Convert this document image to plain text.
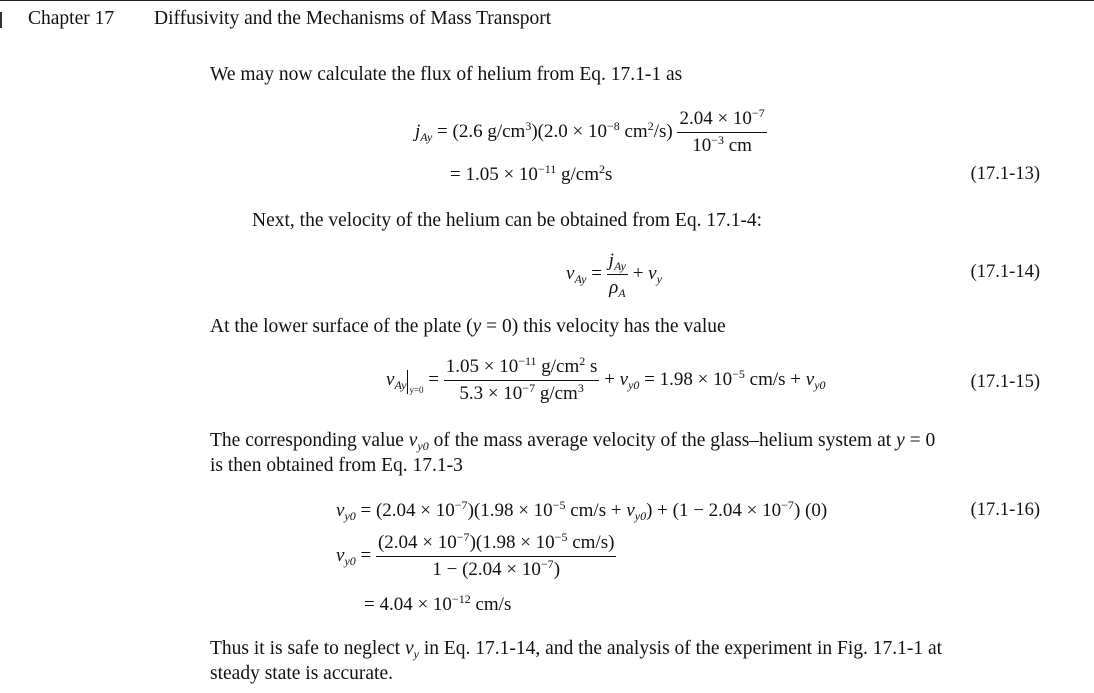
Chapter 17 Diffusivity and the Mechanisms of Mass Transport
We may now calculate the flux of helium from Eq. 17.1-1 as
$j_{Ay} = (2.6$ $g/cm^3)(2.0 \times 10^{-8}$ $cm^2/s) \frac{2.04 \times 10^{-7}}{10^{-3} cm}$
= $1.05 \times 10^{-11}$ $g/cm^2s$	(17.1-13)
Next, the velocity of the helium can be obtained from Eq. 17.1-4:
$v_{Ay} = \frac{j_{Ay}}{\rho_A} + v_y$	(17.1-14)
At the lower surface of the plate (y = 0) this velocity has the value
$v_{Ay}$ $_{y=0} = \frac{1.05 \times 10^{-11} g/cm^2 s}{5.3 \times 10^{-7} g/cm^3} + v_{y0} = 1.98 \times 10^{-5}$ $cm/s + v_{y0}$	(17.1-15)
The corresponding value $v_{y0}$ of the mass average velocity of the glass–helium system at y = 0
is then obtained from Eq. 17.1-3
$v_{y0} = (2.04 \times 10^{-7})(1.98 \times 10^{-5}$ $cm/s + v_{y0}) + (1 - 2.04 \times 10^{-7})$ (0)	(17.1-16)
$v_{y0} = \frac{(2.04 \times 10^{-7})(1.98 \times 10^{-5} cm/s)}{1 - (2.04 \times 10^{-7})}$
= $4.04 \times 10^{-12}$ cm/s
Thus it is safe to neglect $v_y$ in Eq. 17.1-14, and the analysis of the experiment in Fig. 17.1-1 at
steady state is accurate.
